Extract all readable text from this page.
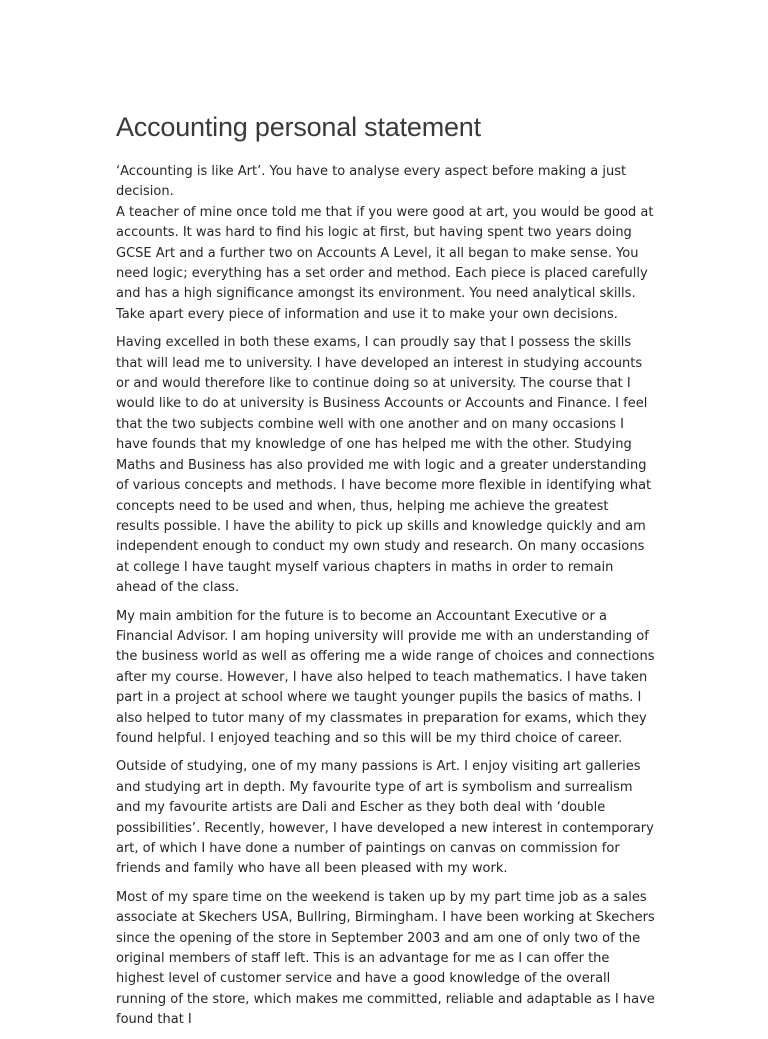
Accounting personal statement

‘Accounting is like Art’. You have to analyse every aspect before making a just decision.

A teacher of mine once told me that if you were good at art, you would be good at accounts. It was hard to find his logic at first, but having spent two years doing GCSE Art and a further two on Accounts A Level, it all began to make sense. You need logic; everything has a set order and method. Each piece is placed carefully and has a high significance amongst its environment. You need analytical skills. Take apart every piece of information and use it to make your own decisions.

Having excelled in both these exams, I can proudly say that I possess the skills that will lead me to university. I have developed an interest in studying accounts or and would therefore like to continue doing so at university. The course that I would like to do at university is Business Accounts or Accounts and Finance. I feel that the two subjects combine well with one another and on many occasions I have founds that my knowledge of one has helped me with the other. Studying Maths and Business has also provided me with logic and a greater understanding of various concepts and methods. I have become more flexible in identifying what concepts need to be used and when, thus, helping me achieve the greatest results possible. I have the ability to pick up skills and knowledge quickly and am independent enough to conduct my own study and research. On many occasions at college I have taught myself various chapters in maths in order to remain ahead of the class.

My main ambition for the future is to become an Accountant Executive or a Financial Advisor. I am hoping university will provide me with an understanding of the business world as well as offering me a wide range of choices and connections after my course. However, I have also helped to teach mathematics. I have taken part in a project at school where we taught younger pupils the basics of maths. I also helped to tutor many of my classmates in preparation for exams, which they found helpful. I enjoyed teaching and so this will be my third choice of career.

Outside of studying, one of my many passions is Art. I enjoy visiting art galleries and studying art in depth. My favourite type of art is symbolism and surrealism and my favourite artists are Dali and Escher as they both deal with ‘double possibilities’. Recently, however, I have developed a new interest in contemporary art, of which I have done a number of paintings on canvas on commission for friends and family who have all been pleased with my work.

Most of my spare time on the weekend is taken up by my part time job as a sales associate at Skechers USA, Bullring, Birmingham. I have been working at Skechers since the opening of the store in September 2003 and am one of only two of the original members of staff left. This is an advantage for me as I can offer the highest level of customer service and have a good knowledge of the overall running of the store, which makes me committed, reliable and adaptable as I have found that I
